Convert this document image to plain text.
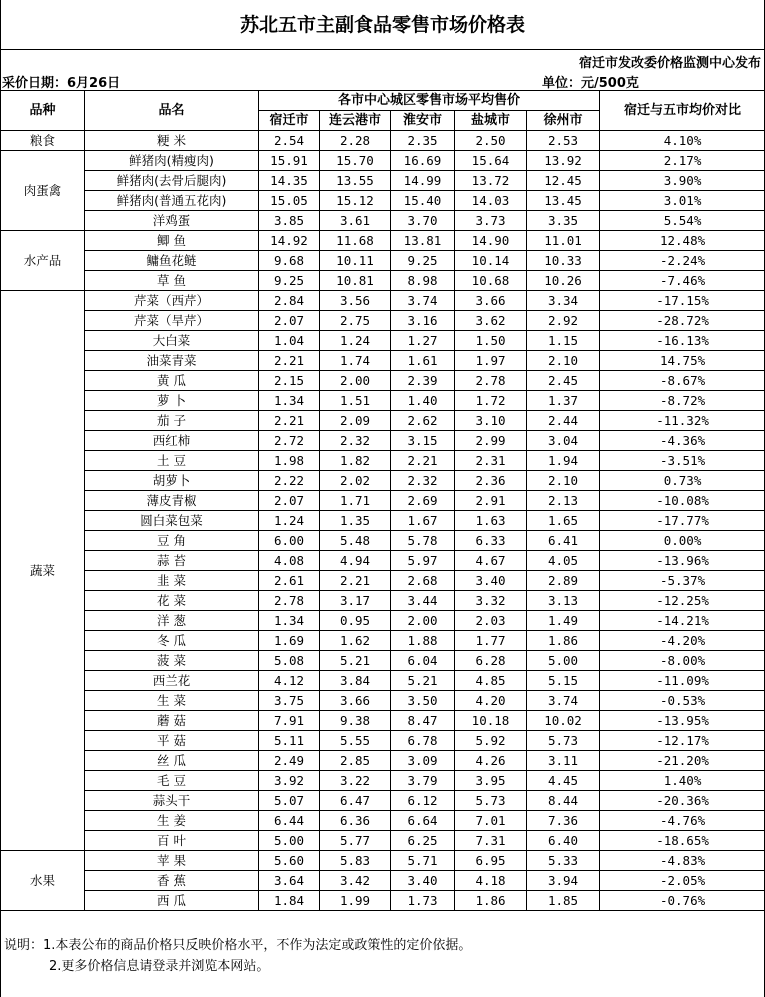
苏北五市主副食品零售市场价格表
宿迁市发改委价格监测中心发布
采价日期：6月26日	单位：元/500克
品种	品名	各市中心城区零售市场平均售价					宿迁与五市均价对比
		宿迁市	连云港市	淮安市	盐城市	徐州市	
粮食	粳 米	2.54	2.28	2.35	2.50	2.53	4.10%
肉蛋禽	鲜猪肉(精瘦肉)	15.91	15.70	16.69	15.64	13.92	2.17%
	鲜猪肉(去骨后腿肉)	14.35	13.55	14.99	13.72	12.45	3.90%
	鲜猪肉(普通五花肉)	15.05	15.12	15.40	14.03	13.45	3.01%
	洋鸡蛋	3.85	3.61	3.70	3.73	3.35	5.54%
水产品	鲫 鱼	14.92	11.68	13.81	14.90	11.01	12.48%
	鳙鱼花鲢	9.68	10.11	9.25	10.14	10.33	-2.24%
	草 鱼	9.25	10.81	8.98	10.68	10.26	-7.46%
蔬菜	芹菜（西芹）	2.84	3.56	3.74	3.66	3.34	-17.15%
	芹菜（旱芹）	2.07	2.75	3.16	3.62	2.92	-28.72%
	大白菜	1.04	1.24	1.27	1.50	1.15	-16.13%
	油菜青菜	2.21	1.74	1.61	1.97	2.10	14.75%
	黄 瓜	2.15	2.00	2.39	2.78	2.45	-8.67%
	萝 卜	1.34	1.51	1.40	1.72	1.37	-8.72%
	茄 子	2.21	2.09	2.62	3.10	2.44	-11.32%
	西红柿	2.72	2.32	3.15	2.99	3.04	-4.36%
	土 豆	1.98	1.82	2.21	2.31	1.94	-3.51%
	胡萝卜	2.22	2.02	2.32	2.36	2.10	0.73%
	薄皮青椒	2.07	1.71	2.69	2.91	2.13	-10.08%
	圆白菜包菜	1.24	1.35	1.67	1.63	1.65	-17.77%
	豆 角	6.00	5.48	5.78	6.33	6.41	0.00%
	蒜 苔	4.08	4.94	5.97	4.67	4.05	-13.96%
	韭 菜	2.61	2.21	2.68	3.40	2.89	-5.37%
	花 菜	2.78	3.17	3.44	3.32	3.13	-12.25%
	洋 葱	1.34	0.95	2.00	2.03	1.49	-14.21%
	冬 瓜	1.69	1.62	1.88	1.77	1.86	-4.20%
	菠 菜	5.08	5.21	6.04	6.28	5.00	-8.00%
	西兰花	4.12	3.84	5.21	4.85	5.15	-11.09%
	生 菜	3.75	3.66	3.50	4.20	3.74	-0.53%
	蘑 菇	7.91	9.38	8.47	10.18	10.02	-13.95%
	平 菇	5.11	5.55	6.78	5.92	5.73	-12.17%
	丝 瓜	2.49	2.85	3.09	4.26	3.11	-21.20%
	毛 豆	3.92	3.22	3.79	3.95	4.45	1.40%
	蒜头干	5.07	6.47	6.12	5.73	8.44	-20.36%
	生 姜	6.44	6.36	6.64	7.01	7.36	-4.76%
	百 叶	5.00	5.77	6.25	7.31	6.40	-18.65%
水果	苹 果	5.60	5.83	5.71	6.95	5.33	-4.83%
	香 蕉	3.64	3.42	3.40	4.18	3.94	-2.05%
	西 瓜	1.84	1.99	1.73	1.86	1.85	-0.76%
说明：1.本表公布的商品价格只反映价格水平，不作为法定或政策性的定价依据。
2.更多价格信息请登录并浏览本网站。
